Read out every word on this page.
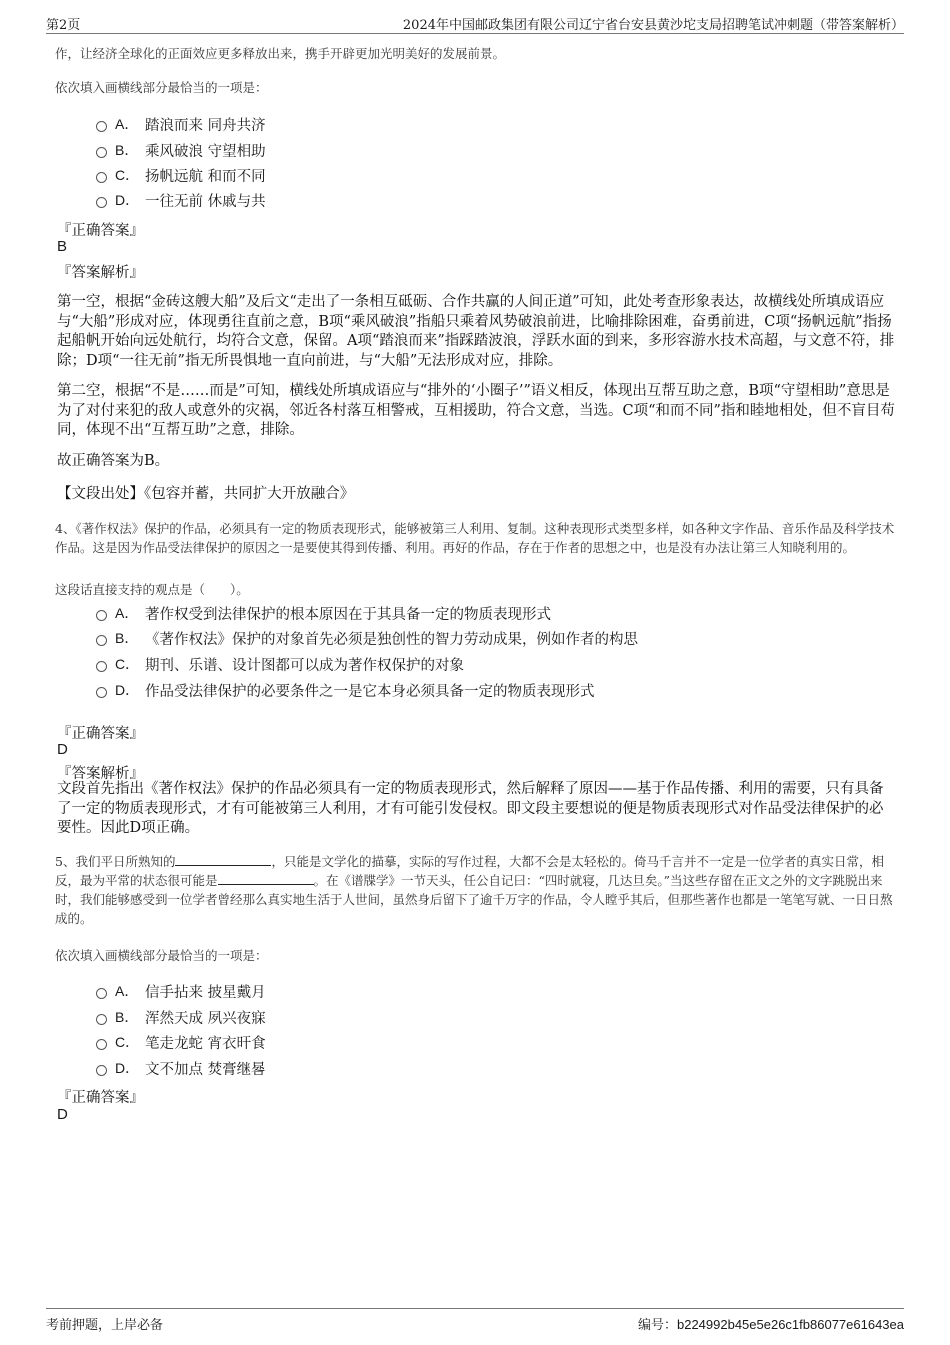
第2页	2024年中国邮政集团有限公司辽宁省台安县黄沙坨支局招聘笔试冲刺题（带答案解析）
作，让经济全球化的正面效应更多释放出来，携手开辟更加光明美好的发展前景。
依次填入画横线部分最恰当的一项是：
A． 踏浪而来 同舟共济
B． 乘风破浪 守望相助
C． 扬帆远航 和而不同
D． 一往无前 休戚与共
『正确答案』
B
『答案解析』
第一空，根据“金砖这艘大船”及后文“走出了一条相互砥砺、合作共赢的人间正道”可知，此处考查形象表达，故横线处所填成语应与“大船”形成对应，体现勇往直前之意，B项“乘风破浪”指船只乘着风势破浪前进，比喻排除困难，奋勇前进，C项“扬帆远航”指扬起船帆开始向远处航行，均符合文意，保留。A项“踏浪而来”指踩踏波浪，浮跃水面的到来，多形容游水技术高超，与文意不符，排除；D项“一往无前”指无所畏惧地一直向前进，与“大船”无法形成对应，排除。
第二空，根据“不是……而是”可知，横线处所填成语应与“排外的‘小圈子’”语义相反，体现出互帮互助之意，B项“守望相助”意思是为了对付来犯的敌人或意外的灾祸，邻近各村落互相警戒，互相援助，符合文意，当选。C项“和而不同”指和睦地相处，但不盲目苟同，体现不出“互帮互助”之意，排除。
故正确答案为B。
【文段出处】《包容并蓄，共同扩大开放融合》
4、《著作权法》保护的作品，必须具有一定的物质表现形式，能够被第三人利用、复制。这种表现形式类型多样，如各种文字作品、音乐作品及科学技术作品。这是因为作品受法律保护的原因之一是要使其得到传播、利用。再好的作品，存在于作者的思想之中，也是没有办法让第三人知晓利用的。
这段话直接支持的观点是（　　）。
A． 著作权受到法律保护的根本原因在于其具备一定的物质表现形式
B． 《著作权法》保护的对象首先必须是独创性的智力劳动成果，例如作者的构思
C． 期刊、乐谱、设计图都可以成为著作权保护的对象
D． 作品受法律保护的必要条件之一是它本身必须具备一定的物质表现形式
『正确答案』
D
『答案解析』
文段首先指出《著作权法》保护的作品必须具有一定的物质表现形式，然后解释了原因——基于作品传播、利用的需要，只有具备了一定的物质表现形式，才有可能被第三人利用，才有可能引发侵权。即文段主要想说的便是物质表现形式对作品受法律保护的必要性。因此D项正确。
5、我们平日所熟知的	，只能是文学化的描摹，实际的写作过程，大都不会是太轻松的。倚马千言并不一定是一位学者的真实日常，相反，最为平常的状态很可能是	。在《谱牒学》一节天头，任公自记曰：“四时就寝，几达旦矣。”当这些存留在正文之外的文字跳脱出来时，我们能够感受到一位学者曾经那么真实地生活于人世间，虽然身后留下了逾千万字的作品，令人瞠乎其后，但那些著作也都是一笔笔写就、一日日熬成的。
依次填入画横线部分最恰当的一项是：
A． 信手拈来 披星戴月
B． 浑然天成 夙兴夜寐
C． 笔走龙蛇 宵衣旰食
D． 文不加点 焚膏继晷
『正确答案』
D
考前押题，上岸必备	编号：b224992b45e5e26c1fb86077e61643ea
